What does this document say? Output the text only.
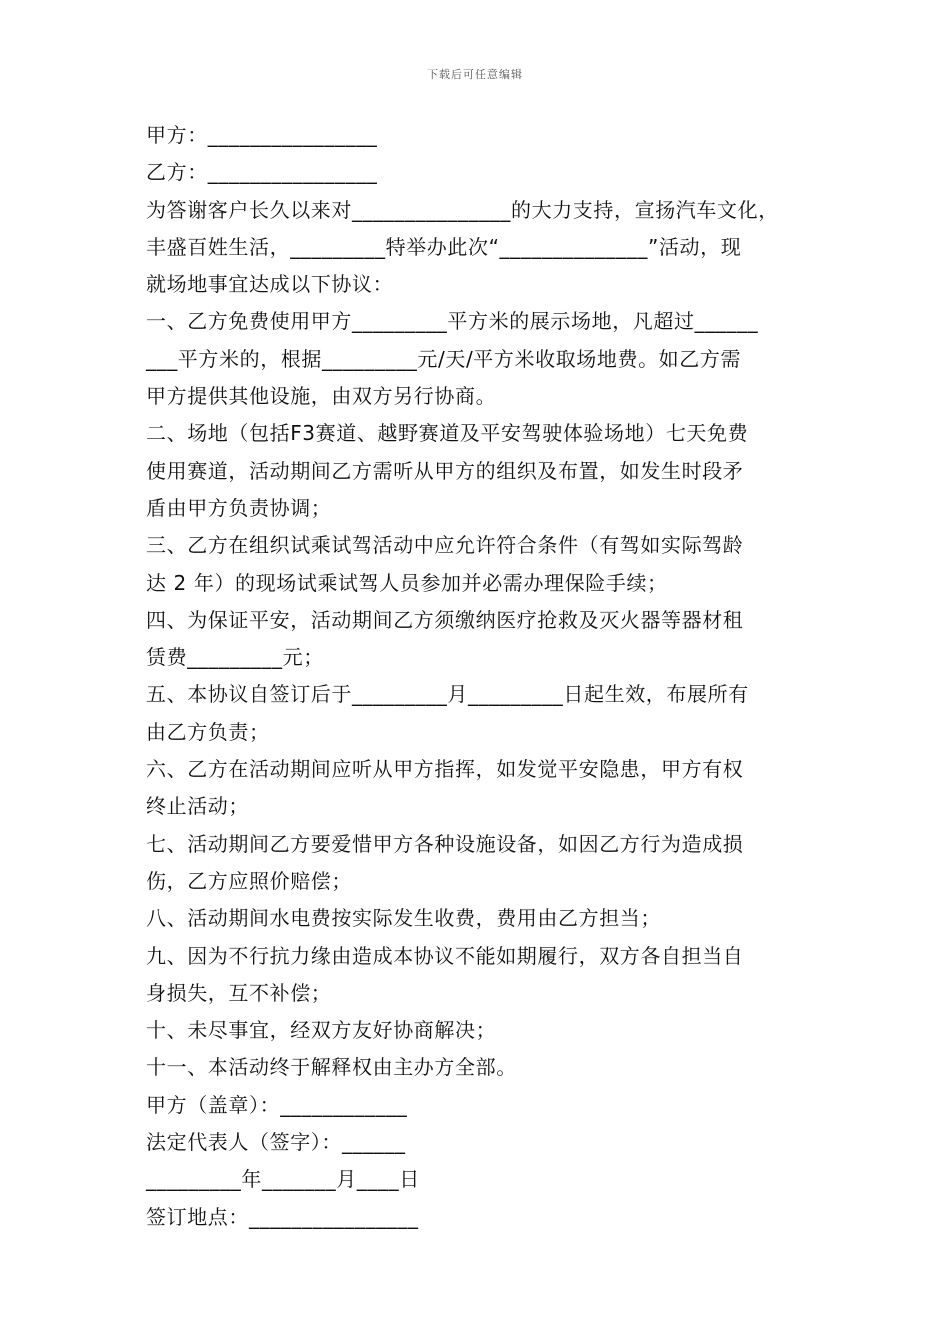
下载后可任意编辑
甲方：________________
乙方：________________
为答谢客户长久以来对_______________的大力支持，宣扬汽车文化，
丰盛百姓生活，_________特举办此次“______________”活动，现
就场地事宜达成以下协议：
一、乙方免费使用甲方_________平方米的展示场地，凡超过______
___平方米的，根据_________元/天/平方米收取场地费。如乙方需
甲方提供其他设施，由双方另行协商。
二、场地（包括F3赛道、越野赛道及平安驾驶体验场地）七天免费
使用赛道，活动期间乙方需听从甲方的组织及布置，如发生时段矛
盾由甲方负责协调；
三、乙方在组织试乘试驾活动中应允许符合条件（有驾如实际驾龄
达 2 年）的现场试乘试驾人员参加并必需办理保险手续；
四、为保证平安，活动期间乙方须缴纳医疗抢救及灭火器等器材租
赁费_________元；
五、本协议自签订后于_________月_________日起生效，布展所有
由乙方负责；
六、乙方在活动期间应听从甲方指挥，如发觉平安隐患，甲方有权
终止活动；
七、活动期间乙方要爱惜甲方各种设施设备，如因乙方行为造成损
伤，乙方应照价赔偿；
八、活动期间水电费按实际发生收费，费用由乙方担当；
九、因为不行抗力缘由造成本协议不能如期履行，双方各自担当自
身损失，互不补偿；
十、未尽事宜，经双方友好协商解决；
十一、本活动终于解释权由主办方全部。
甲方（盖章）：____________
法定代表人（签字）：______
_________年_______月____日
签订地点：________________
